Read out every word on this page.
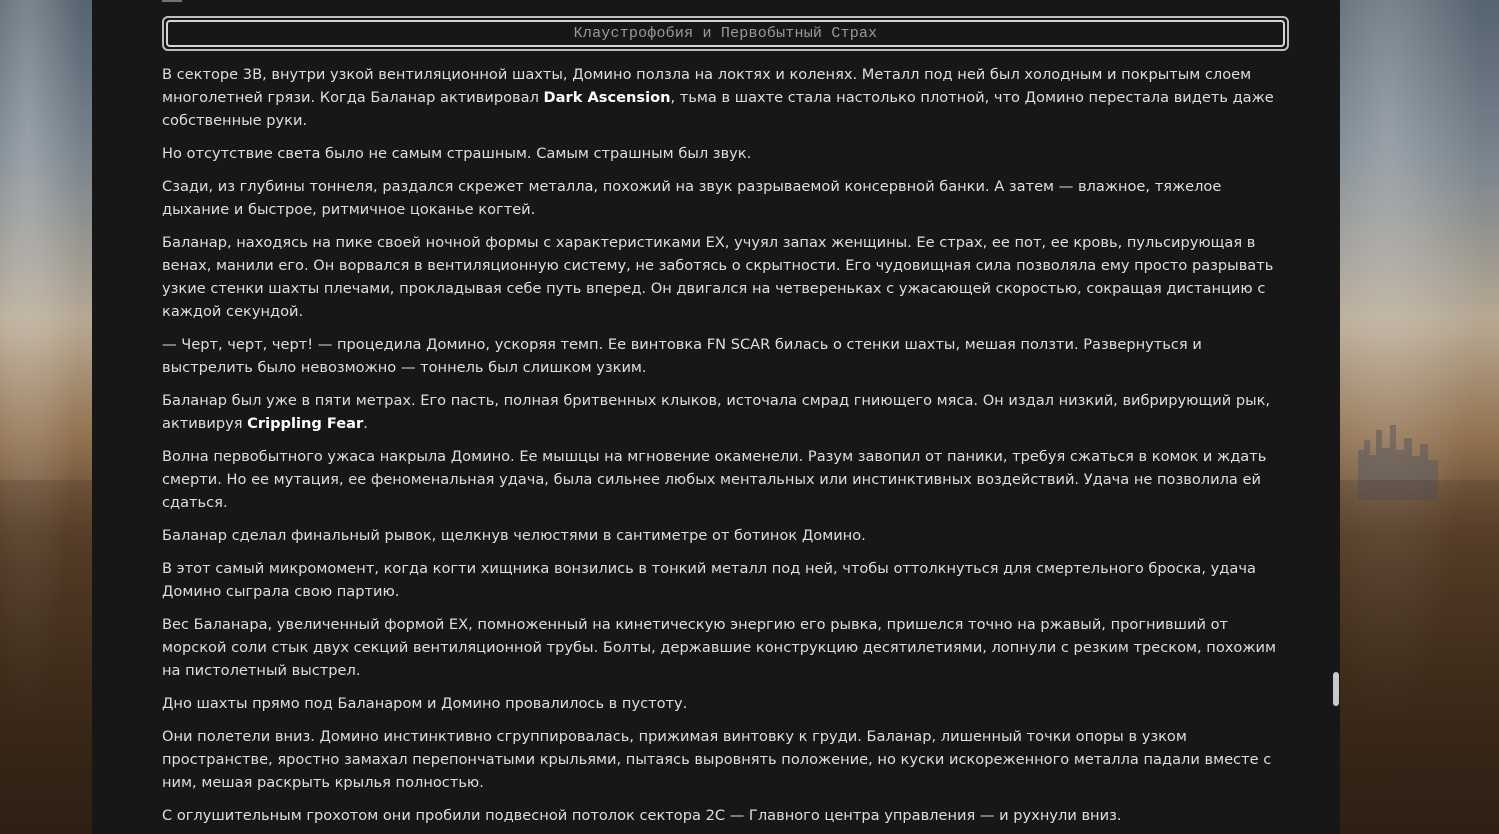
Клаустрофобия и Первобытный Страх

В секторе 3В, внутри узкой вентиляционной шахты, Домино ползла на локтях и коленях. Металл под ней был холодным и покрытым слоем многолетней грязи. Когда Баланар активировал Dark Ascension, тьма в шахте стала настолько плотной, что Домино перестала видеть даже собственные руки.

Но отсутствие света было не самым страшным. Самым страшным был звук.

Сзади, из глубины тоннеля, раздался скрежет металла, похожий на звук разрываемой консервной банки. А затем — влажное, тяжелое дыхание и быстрое, ритмичное цоканье когтей.

Баланар, находясь на пике своей ночной формы с характеристиками EX, учуял запах женщины. Ее страх, ее пот, ее кровь, пульсирующая в венах, манили его. Он ворвался в вентиляционную систему, не заботясь о скрытности. Его чудовищная сила позволяла ему просто разрывать узкие стенки шахты плечами, прокладывая себе путь вперед. Он двигался на четвереньках с ужасающей скоростью, сокращая дистанцию с каждой секундой.

— Черт, черт, черт! — процедила Домино, ускоряя темп. Ее винтовка FN SCAR билась о стенки шахты, мешая ползти. Развернуться и выстрелить было невозможно — тоннель был слишком узким.

Баланар был уже в пяти метрах. Его пасть, полная бритвенных клыков, источала смрад гниющего мяса. Он издал низкий, вибрирующий рык, активируя Crippling Fear.

Волна первобытного ужаса накрыла Домино. Ее мышцы на мгновение окаменели. Разум завопил от паники, требуя сжаться в комок и ждать смерти. Но ее мутация, ее феноменальная удача, была сильнее любых ментальных или инстинктивных воздействий. Удача не позволила ей сдаться.

Баланар сделал финальный рывок, щелкнув челюстями в сантиметре от ботинок Домино.

В этот самый микромомент, когда когти хищника вонзились в тонкий металл под ней, чтобы оттолкнуться для смертельного броска, удача Домино сыграла свою партию.

Вес Баланара, увеличенный формой EX, помноженный на кинетическую энергию его рывка, пришелся точно на ржавый, прогнивший от морской соли стык двух секций вентиляционной трубы. Болты, державшие конструкцию десятилетиями, лопнули с резким треском, похожим на пистолетный выстрел.

Дно шахты прямо под Баланаром и Домино провалилось в пустоту.

Они полетели вниз. Домино инстинктивно сгруппировалась, прижимая винтовку к груди. Баланар, лишенный точки опоры в узком пространстве, яростно замахал перепончатыми крыльями, пытаясь выровнять положение, но куски искореженного металла падали вместе с ним, мешая раскрыть крылья полностью.

С оглушительным грохотом они пробили подвесной потолок сектора 2С — Главного центра управления — и рухнули вниз.
